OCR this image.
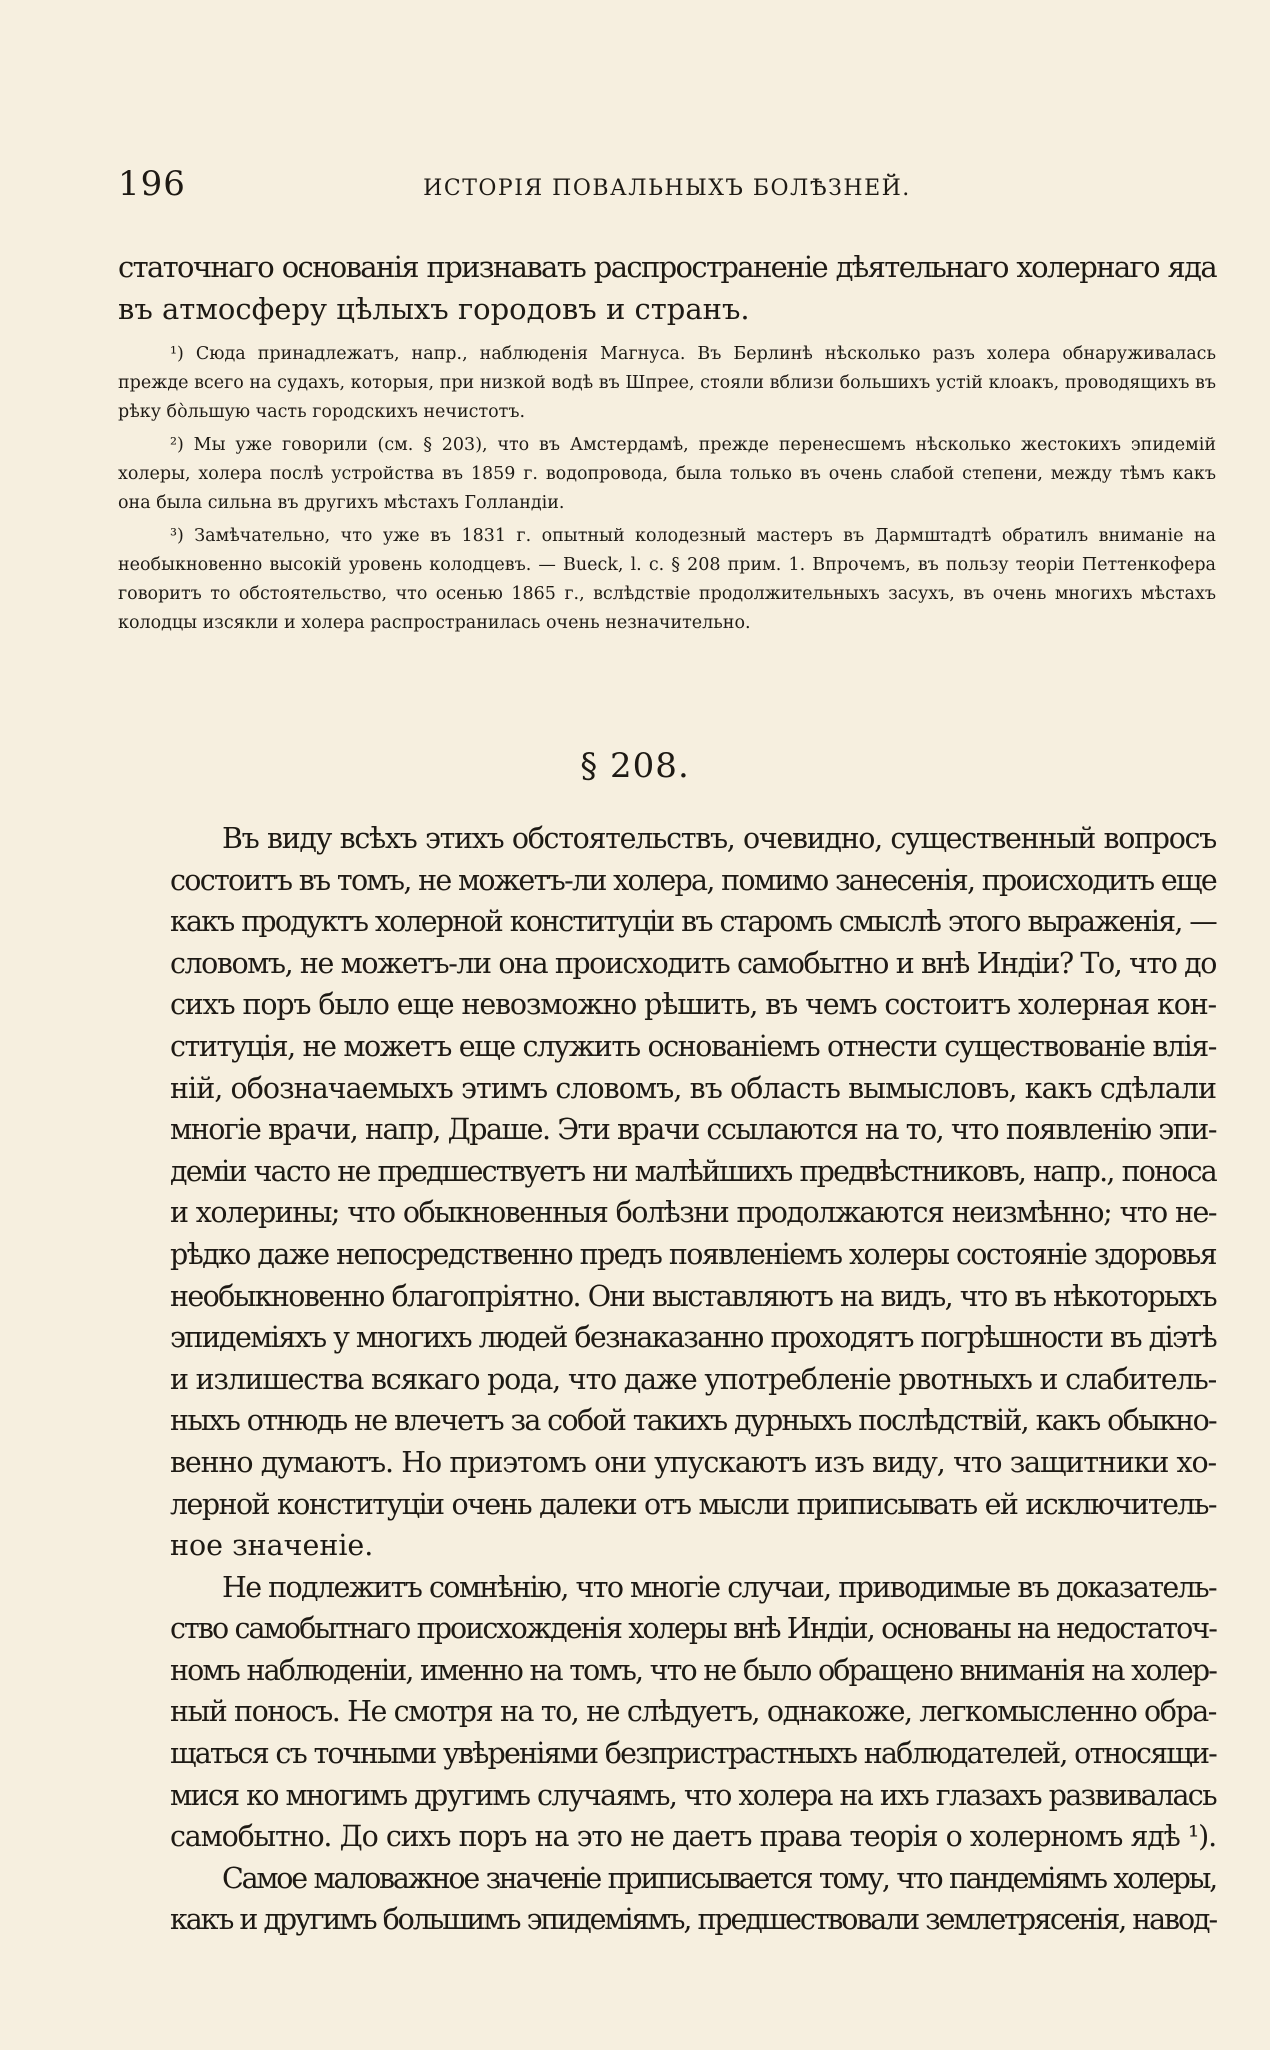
196	ИСТОРІЯ ПОВАЛЬНЫХЪ БОЛѢЗНЕЙ.
статочнаго основанія признавать распространеніе дѣятельнаго холернаго яда
въ атмосферу цѣлыхъ городовъ и странъ.

¹) Сюда принадлежатъ, напр., наблюденія Магнуса. Въ Берлинѣ нѣсколько разъ холера обнаруживалась прежде всего на судахъ, которыя, при низкой водѣ въ Шпрее, стояли вблизи большихъ устій клоакъ, проводящихъ въ рѣку бо̀льшую часть городскихъ нечистотъ.

²) Мы уже говорили (см. § 203), что въ Амстердамѣ, прежде перенесшемъ нѣсколько жестокихъ эпидемій холеры, холера послѣ устройства въ 1859 г. водопровода, была только въ очень слабой степени, между тѣмъ какъ она была сильна въ другихъ мѣстахъ Голландіи.

³) Замѣчательно, что уже въ 1831 г. опытный колодезный мастеръ въ Дармштадтѣ обратилъ вниманіе на необыкновенно высокій уровень колодцевъ. — Bueck, l. c. § 208 прим. 1. Впрочемъ, въ пользу теоріи Петтенкофера говоритъ то обстоятельство, что осенью 1865 г., вслѣдствіе продолжительныхъ засухъ, въ очень многихъ мѣстахъ колодцы изсякли и холера распространилась очень незначительно.

§ 208.

Въ виду всѣхъ этихъ обстоятельствъ, очевидно, существенный вопросъ
состоитъ въ томъ, не можетъ-ли холера, помимо занесенія, происходить еще
какъ продуктъ холерной конституціи въ старомъ смыслѣ этого выраженія, —
словомъ, не можетъ-ли она происходить самобытно и внѣ Индіи? То, что до
сихъ поръ было еще невозможно рѣшить, въ чемъ состоитъ холерная кон-
ституція, не можетъ еще служить основаніемъ отнести существованіе влія-
ній, обозначаемыхъ этимъ словомъ, въ область вымысловъ, какъ сдѣлали
многіе врачи, напр, Драше. Эти врачи ссылаются на то, что появленію эпи-
деміи часто не предшествуетъ ни малѣйшихъ предвѣстниковъ, напр., поноса
и холерины; что обыкновенныя болѣзни продолжаются неизмѣнно; что не-
рѣдко даже непосредственно предъ появленіемъ холеры состояніе здоровья
необыкновенно благопріятно. Они выставляютъ на видъ, что въ нѣкоторыхъ
эпидеміяхъ у многихъ людей безнаказанно проходятъ погрѣшности въ діэтѣ
и излишества всякаго рода, что даже употребленіе рвотныхъ и слабитель-
ныхъ отнюдь не влечетъ за собой такихъ дурныхъ послѣдствій, какъ обыкно-
венно думаютъ. Но приэтомъ они упускаютъ изъ виду, что защитники хо-
лерной конституціи очень далеки отъ мысли приписывать ей исключитель-
ное значеніе.

Не подлежитъ сомнѣнію, что многіе случаи, приводимые въ доказатель-
ство самобытнаго происхожденія холеры внѣ Индіи, основаны на недостаточ-
номъ наблюденіи, именно на томъ, что не было обращено вниманія на холер-
ный поносъ. Не смотря на то, не слѣдуетъ, однакоже, легкомысленно обра-
щаться съ точными увѣреніями безпристрастныхъ наблюдателей, относящи-
мися ко многимъ другимъ случаямъ, что холера на ихъ глазахъ развивалась
самобытно. До сихъ поръ на это не даетъ права теорія о холерномъ ядѣ ¹).

Самое маловажное значеніе приписывается тому, что пандеміямъ холеры,
какъ и другимъ большимъ эпидеміямъ, предшествовали землетрясенія, навод-
